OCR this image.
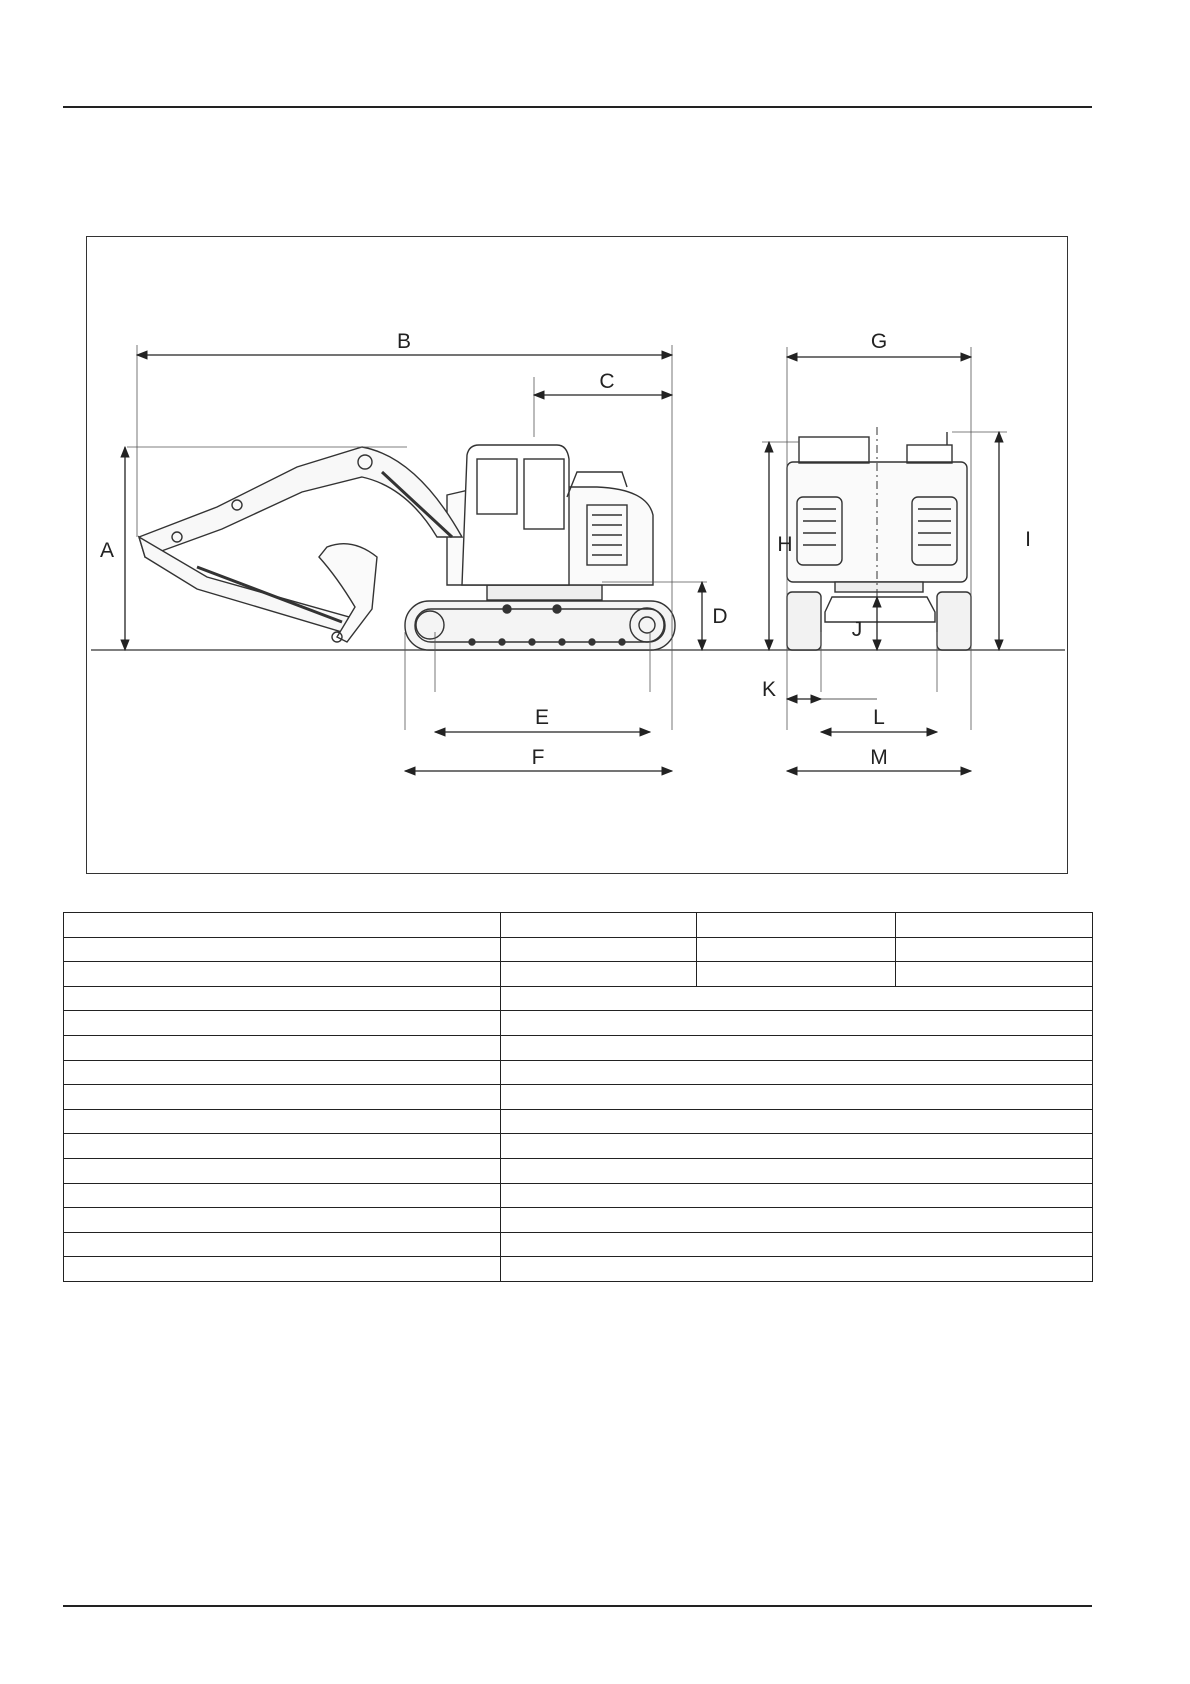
B
C
A
D
E
F
G
H	I
J
K
L
M
